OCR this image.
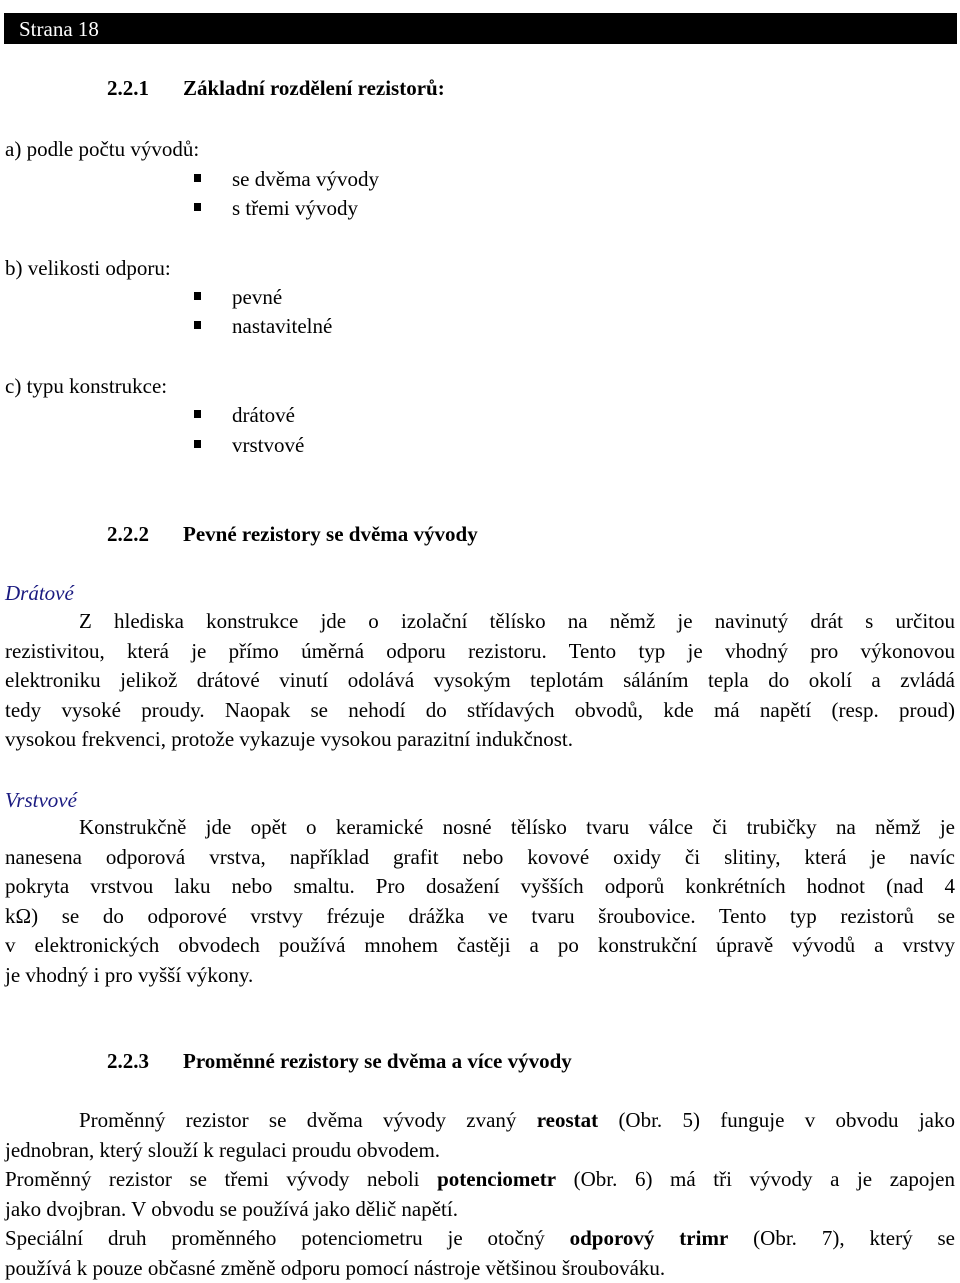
Strana 18
2.2.1 Základní rozdělení rezistorů:
a) podle počtu vývodů:
se dvěma vývody
s třemi vývody
b) velikosti odporu:
pevné
nastavitelné
c) typu konstrukce:
drátové
vrstvové
2.2.2 Pevné rezistory se dvěma vývody
Drátové
Z hlediska konstrukce jde o izolační tělísko na němž je navinutý drát s určitou
rezistivitou, která je přímo úměrná odporu rezistoru. Tento typ je vhodný pro výkonovou
elektroniku jelikož drátové vinutí odolává vysokým teplotám sáláním tepla do okolí a zvládá
tedy vysoké proudy. Naopak se nehodí do střídavých obvodů, kde má napětí (resp. proud)
vysokou frekvenci, protože vykazuje vysokou parazitní indukčnost.
Vrstvové
Konstrukčně jde opět o keramické nosné tělísko tvaru válce či trubičky na němž je
nanesena odporová vrstva, například grafit nebo kovové oxidy či slitiny, která je navíc
pokryta vrstvou laku nebo smaltu. Pro dosažení vyšších odporů konkrétních hodnot (nad 4
kΩ) se do odporové vrstvy frézuje drážka ve tvaru šroubovice. Tento typ rezistorů se
v elektronických obvodech používá mnohem častěji a po konstrukční úpravě vývodů a vrstvy
je vhodný i pro vyšší výkony.
2.2.3 Proměnné rezistory se dvěma a více vývody
Proměnný rezistor se dvěma vývody zvaný reostat (Obr. 5) funguje v obvodu jako
jednobran, který slouží k regulaci proudu obvodem.
Proměnný rezistor se třemi vývody neboli potenciometr (Obr. 6) má tři vývody a je zapojen
jako dvojbran. V obvodu se používá jako dělič napětí.
Speciální druh proměnného potenciometru je otočný odporový trimr (Obr. 7), který se
používá k pouze občasné změně odporu pomocí nástroje většinou šroubováku.
